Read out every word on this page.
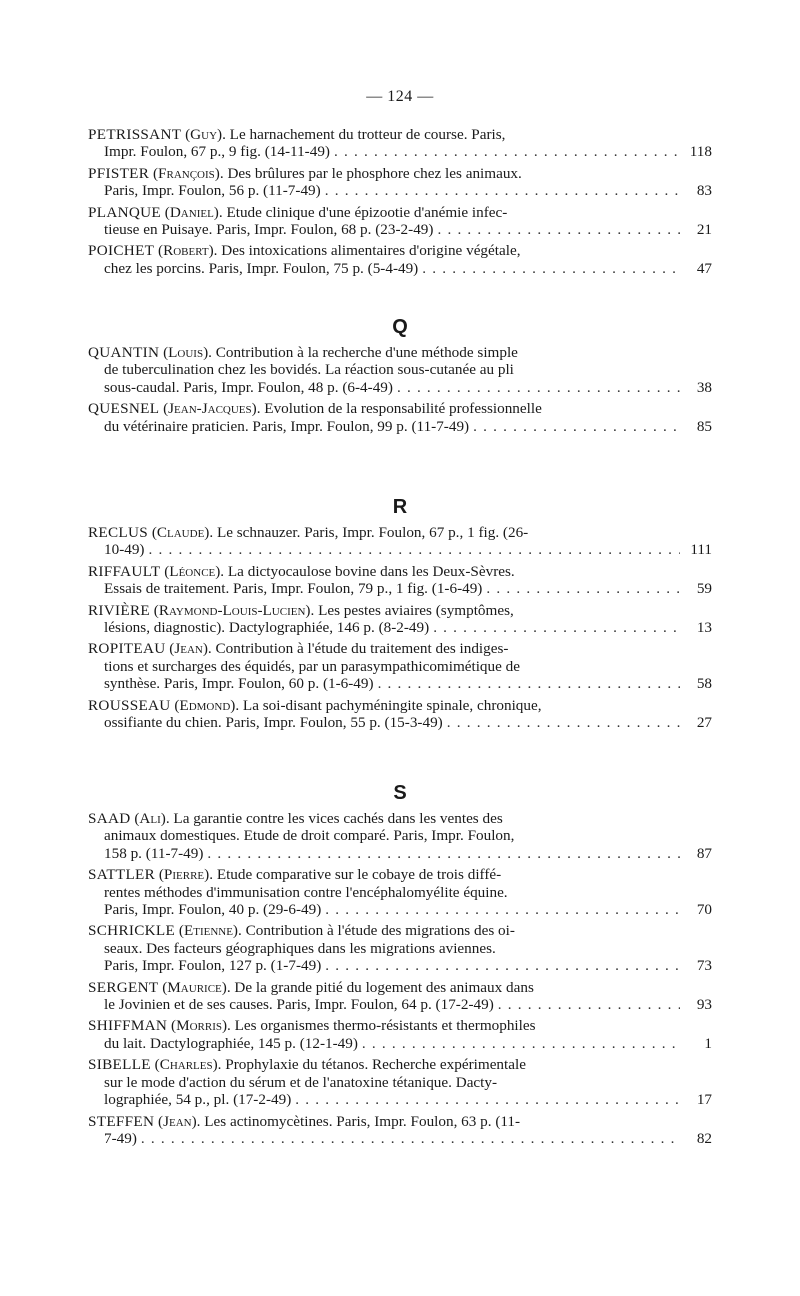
— 124 —
PETRISSANT (Guy). Le harnachement du trotteur de course. Paris,
Impr. Foulon, 67 p., 9 fig. (14-11-49) . . .	118
PFISTER (François). Des brûlures par le phosphore chez les animaux.
Paris, Impr. Foulon, 56 p. (11-7-49) . . .	83
PLANQUE (Daniel). Etude clinique d'une épizootie d'anémie infec-
tieuse en Puisaye. Paris, Impr. Foulon, 68 p. (23-2-49) . . .	21
POICHET (Robert). Des intoxications alimentaires d'origine végétale,
chez les porcins. Paris, Impr. Foulon, 75 p. (5-4-49) . . .	47
Q
QUANTIN (Louis). Contribution à la recherche d'une méthode simple
de tuberculination chez les bovidés. La réaction sous-cutanée au pli
sous-caudal. Paris, Impr. Foulon, 48 p. (6-4-49) . . .	38
QUESNEL (Jean-Jacques). Evolution de la responsabilité professionnelle
du vétérinaire praticien. Paris, Impr. Foulon, 99 p. (11-7-49) . . .	85
R
RECLUS (Claude). Le schnauzer. Paris, Impr. Foulon, 67 p., 1 fig. (26-
10-49) . . .	111
RIFFAULT (Léonce). La dictyocaulose bovine dans les Deux-Sèvres.
Essais de traitement. Paris, Impr. Foulon, 79 p., 1 fig. (1-6-49) . . .	59
RIVIÈRE (Raymond-Louis-Lucien). Les pestes aviaires (symptômes,
lésions, diagnostic). Dactylographiée, 146 p. (8-2-49) . . .	13
ROPITEAU (Jean). Contribution à l'étude du traitement des indiges-
tions et surcharges des équidés, par un parasympathicomimétique de
synthèse. Paris, Impr. Foulon, 60 p. (1-6-49) . . .	58
ROUSSEAU (Edmond). La soi-disant pachyméningite spinale, chronique,
ossifiante du chien. Paris, Impr. Foulon, 55 p. (15-3-49) . . .	27
S
SAAD (Ali). La garantie contre les vices cachés dans les ventes des
animaux domestiques. Etude de droit comparé. Paris, Impr. Foulon,
158 p. (11-7-49) . . .	87
SATTLER (Pierre). Etude comparative sur le cobaye de trois diffé-
rentes méthodes d'immunisation contre l'encéphalomyélite équine.
Paris, Impr. Foulon, 40 p. (29-6-49) . . .	70
SCHRICKLE (Etienne). Contribution à l'étude des migrations des oi-
seaux. Des facteurs géographiques dans les migrations aviennes.
Paris, Impr. Foulon, 127 p. (1-7-49) . . .	73
SERGENT (Maurice). De la grande pitié du logement des animaux dans
le Jovinien et de ses causes. Paris, Impr. Foulon, 64 p. (17-2-49) . . .	93
SHIFFMAN (Morris). Les organismes thermo-résistants et thermophiles
du lait. Dactylographiée, 145 p. (12-1-49) . . .	1
SIBELLE (Charles). Prophylaxie du tétanos. Recherche expérimentale
sur le mode d'action du sérum et de l'anatoxine tétanique. Dacty-
lographiée, 54 p., pl. (17-2-49) . . .	17
STEFFEN (Jean). Les actinomycètines. Paris, Impr. Foulon, 63 p. (11-
7-49) . . .	82
